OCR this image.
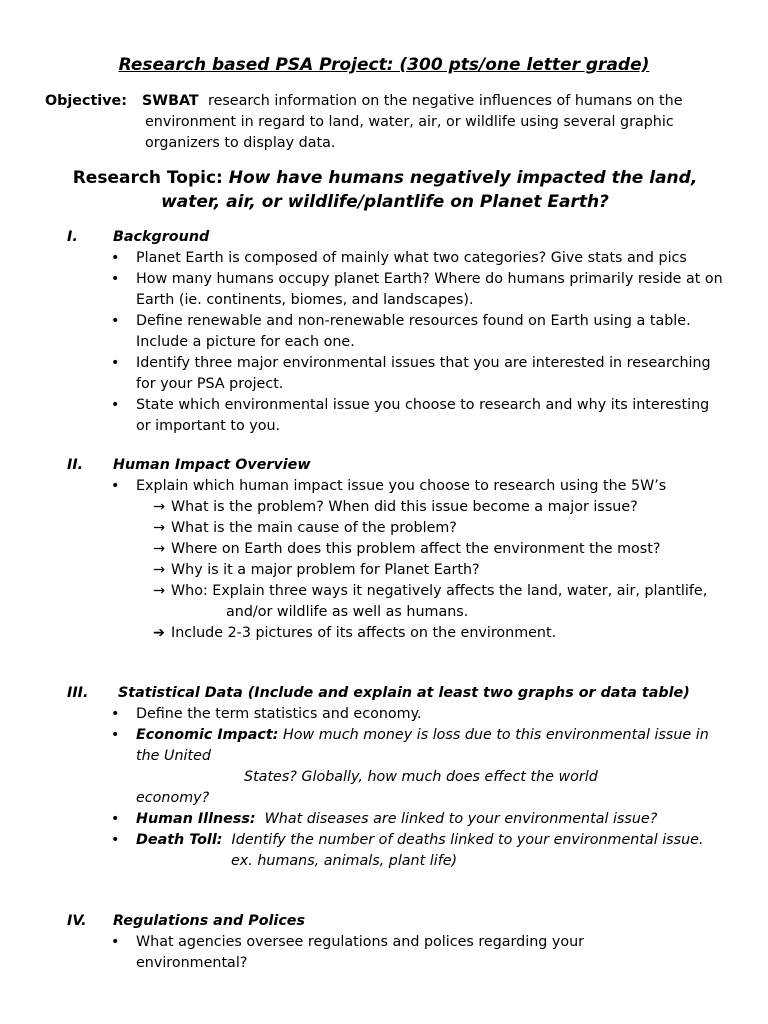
Research based PSA Project: (300 pts/one letter grade)
Objective: SWBAT research information on the negative influences of humans on the environment in regard to land, water, air, or wildlife using several graphic organizers to display data.
Research Topic: How have humans negatively impacted the land,
water, air, or wildlife/plantlife on Planet Earth?
I. Background
• Planet Earth is composed of mainly what two categories? Give stats and pics
• How many humans occupy planet Earth? Where do humans primarily reside at on Earth (ie. continents, biomes, and landscapes).
• Define renewable and non-renewable resources found on Earth using a table. Include a picture for each one.
• Identify three major environmental issues that you are interested in researching for your PSA project.
• State which environmental issue you choose to research and why its interesting or important to you.
II. Human Impact Overview
• Explain which human impact issue you choose to research using the 5W’s
→ What is the problem? When did this issue become a major issue?
→ What is the main cause of the problem?
→ Where on Earth does this problem affect the environment the most?
→ Why is it a major problem for Planet Earth?
→ Who: Explain three ways it negatively affects the land, water, air, plantlife,
and/or wildlife as well as humans.
➔ Include 2-3 pictures of its affects on the environment.
III. Statistical Data (Include and explain at least two graphs or data table)
• Define the term statistics and economy.
• Economic Impact: How much money is loss due to this environmental issue in the United
States? Globally, how much does effect the world
economy?
• Human Illness: What diseases are linked to your environmental issue?
• Death Toll: Identify the number of deaths linked to your environmental issue.
ex. humans, animals, plant life)
IV. Regulations and Polices
• What agencies oversee regulations and polices regarding your environmental?
